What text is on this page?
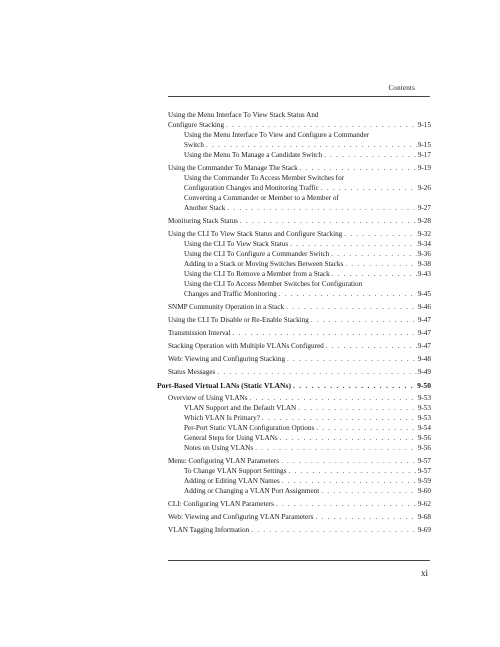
Contents
Using the Menu Interface To View Stack Status And
Configure Stacking . . .	9-15
Using the Menu Interface To View and Configure a Commander
Switch . . .	9-15
Using the Menu To Manage a Candidate Switch . . .	9-17
Using the Commander To Manage The Stack . . .	9-19
Using the Commander To Access Member Switches for
Configuration Changes and Monitoring Traffic . . .	9-26
Converting a Commander or Member to a Member of
Another Stack . . .	9-27
Monitoring Stack Status . . .	9-28
Using the CLI To View Stack Status and Configure Stacking . . .	9-32
Using the CLI To View Stack Status . . .	9-34
Using the CLI To Configure a Commander Switch . . .	9-36
Adding to a Stack or Moving Switches Between Stacks . . .	9-38
Using the CLI To Remove a Member from a Stack . . .	9-43
Using the CLI To Access Member Switches for Configuration
Changes and Traffic Monitoring . . .	9-45
SNMP Community Operation in a Stack . . .	9-46
Using the CLI To Disable or Re-Enable Stacking . . .	9-47
Transmission Interval . . .	9-47
Stacking Operation with Multiple VLANs Configured . . .	9-47
Web: Viewing and Configuring Stacking . . .	9-48
Status Messages . . .	9-49
Port-Based Virtual LANs (Static VLANs) . . .	9-50
Overview of Using VLANs . . .	9-53
VLAN Support and the Default VLAN . . .	9-53
Which VLAN Is Primary? . . .	9-53
Per-Port Static VLAN Configuration Options . . .	9-54
General Steps for Using VLANs . . .	9-56
Notes on Using VLANs . . .	9-56
Menu: Configuring VLAN Parameters . . .	9-57
To Change VLAN Support Settings . . .	9-57
Adding or Editing VLAN Names . . .	9-59
Adding or Changing a VLAN Port Assignment . . .	9-60
CLI: Configuring VLAN Parameters . . .	9-62
Web: Viewing and Configuring VLAN Parameters . . .	9-68
VLAN Tagging Information . . .	9-69
xi
